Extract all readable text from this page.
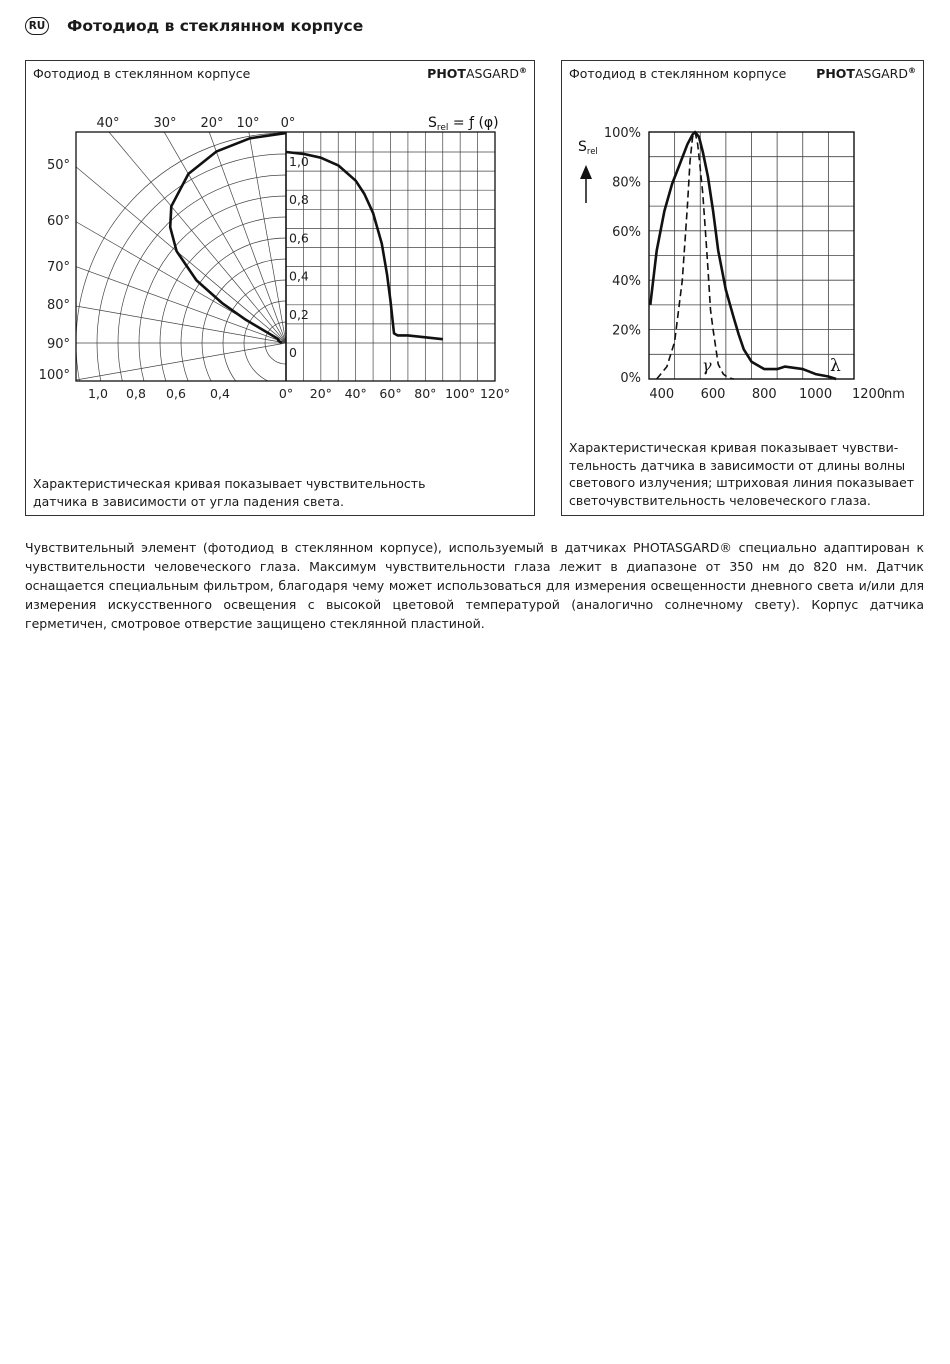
RU Фотодиод в стеклянном корпусе
Фотодиод в стеклянном корпусе	PHOTASGARD®
1,0
0,8
0,6
0,4
0,2
0
0° 20° 40° 60° 80° 100° 120°
1,0 0,8 0,6 0,4
40°	30° 20° 10° 0°
50°
60°
70°
80°
90°
100°
$S_{rel}$ = ƒ (φ)
Характеристическая кривая показывает чувствительность
датчика в зависимости от угла падения света.
Фотодиод в стеклянном корпусе PHOTASGARD®
100%
80%
60%
40%
20%
0%
400 600 800 1000 1200
nm
γ	λ
$S_{rel}$
Характеристическая кривая показывает чувстви-
тельность датчика в зависимости от длины волны
светового излучения; штриховая линия показывает
светочувствительность человеческого глаза.
Чувствительный элемент (фотодиод в стеклянном корпусе), используемый в датчиках PHOTASGARD® специально адаптирован к чувствительности человеческого глаза. Максимум чувствительности глаза лежит в диапазоне от 350 нм до 820 нм. Датчик оснащается специальным фильтром, благодаря чему может использоваться для измерения освещенности дневного света и/или для измерения искусственного освещения с высокой цветовой температурой (аналогично солнечному свету). Корпус датчика герметичен, смотровое отверстие защищено стеклянной пластиной.
